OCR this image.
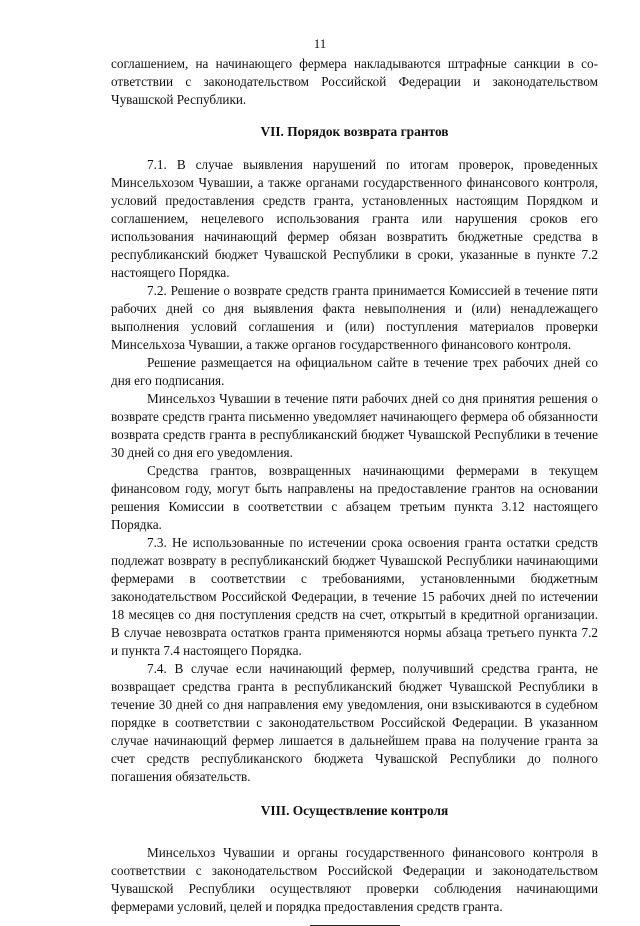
11

соглашением, на начинающего фермера накладываются штрафные санкции в соответствии с законодательством Российской Федерации и законодательством Чувашской Республики.

VII. Порядок возврата грантов

7.1. В случае выявления нарушений по итогам проверок, проведенных Минсельхозом Чувашии, а также органами государственного финансового контроля, условий предоставления средств гранта, установленных настоящим Порядком и соглашением, нецелевого использования гранта или нарушения сроков его использования начинающий фермер обязан возвратить бюджетные средства в республиканский бюджет Чувашской Республики в сроки, указанные в пункте 7.2 настоящего Порядка.

7.2. Решение о возврате средств гранта принимается Комиссией в течение пяти рабочих дней со дня выявления факта невыполнения и (или) ненадлежащего выполнения условий соглашения и (или) поступления материалов проверки Минсельхоза Чувашии, а также органов государственного финансового контроля.

Решение размещается на официальном сайте в течение трех рабочих дней со дня его подписания.

Минсельхоз Чувашии в течение пяти рабочих дней со дня принятия решения о возврате средств гранта письменно уведомляет начинающего фермера об обязанности возврата средств гранта в республиканский бюджет Чувашской Республики в течение 30 дней со дня его уведомления.

Средства грантов, возвращенных начинающими фермерами в текущем финансовом году, могут быть направлены на предоставление грантов на основании решения Комиссии в соответствии с абзацем третьим пункта 3.12 настоящего Порядка.

7.3. Не использованные по истечении срока освоения гранта остатки средств подлежат возврату в республиканский бюджет Чувашской Республики начинающими фермерами в соответствии с требованиями, установленными бюджетным законодательством Российской Федерации, в течение 15 рабочих дней по истечении 18 месяцев со дня поступления средств на счет, открытый в кредитной организации. В случае невозврата остатков гранта применяются нормы абзаца третьего пункта 7.2 и пункта 7.4 настоящего Порядка.

7.4. В случае если начинающий фермер, получивший средства гранта, не возвращает средства гранта в республиканский бюджет Чувашской Республики в течение 30 дней со дня направления ему уведомления, они взыскиваются в судебном порядке в соответствии с законодательством Российской Федерации. В указанном случае начинающий фермер лишается в дальнейшем права на получение гранта за счет средств республиканского бюджета Чувашской Республики до полного погашения обязательств.

VIII. Осуществление контроля

Минсельхоз Чувашии и органы государственного финансового контроля в соответствии с законодательством Российской Федерации и законодательством Чувашской Республики осуществляют проверки соблюдения начинающими фермерами условий, целей и порядка предоставления средств гранта.
